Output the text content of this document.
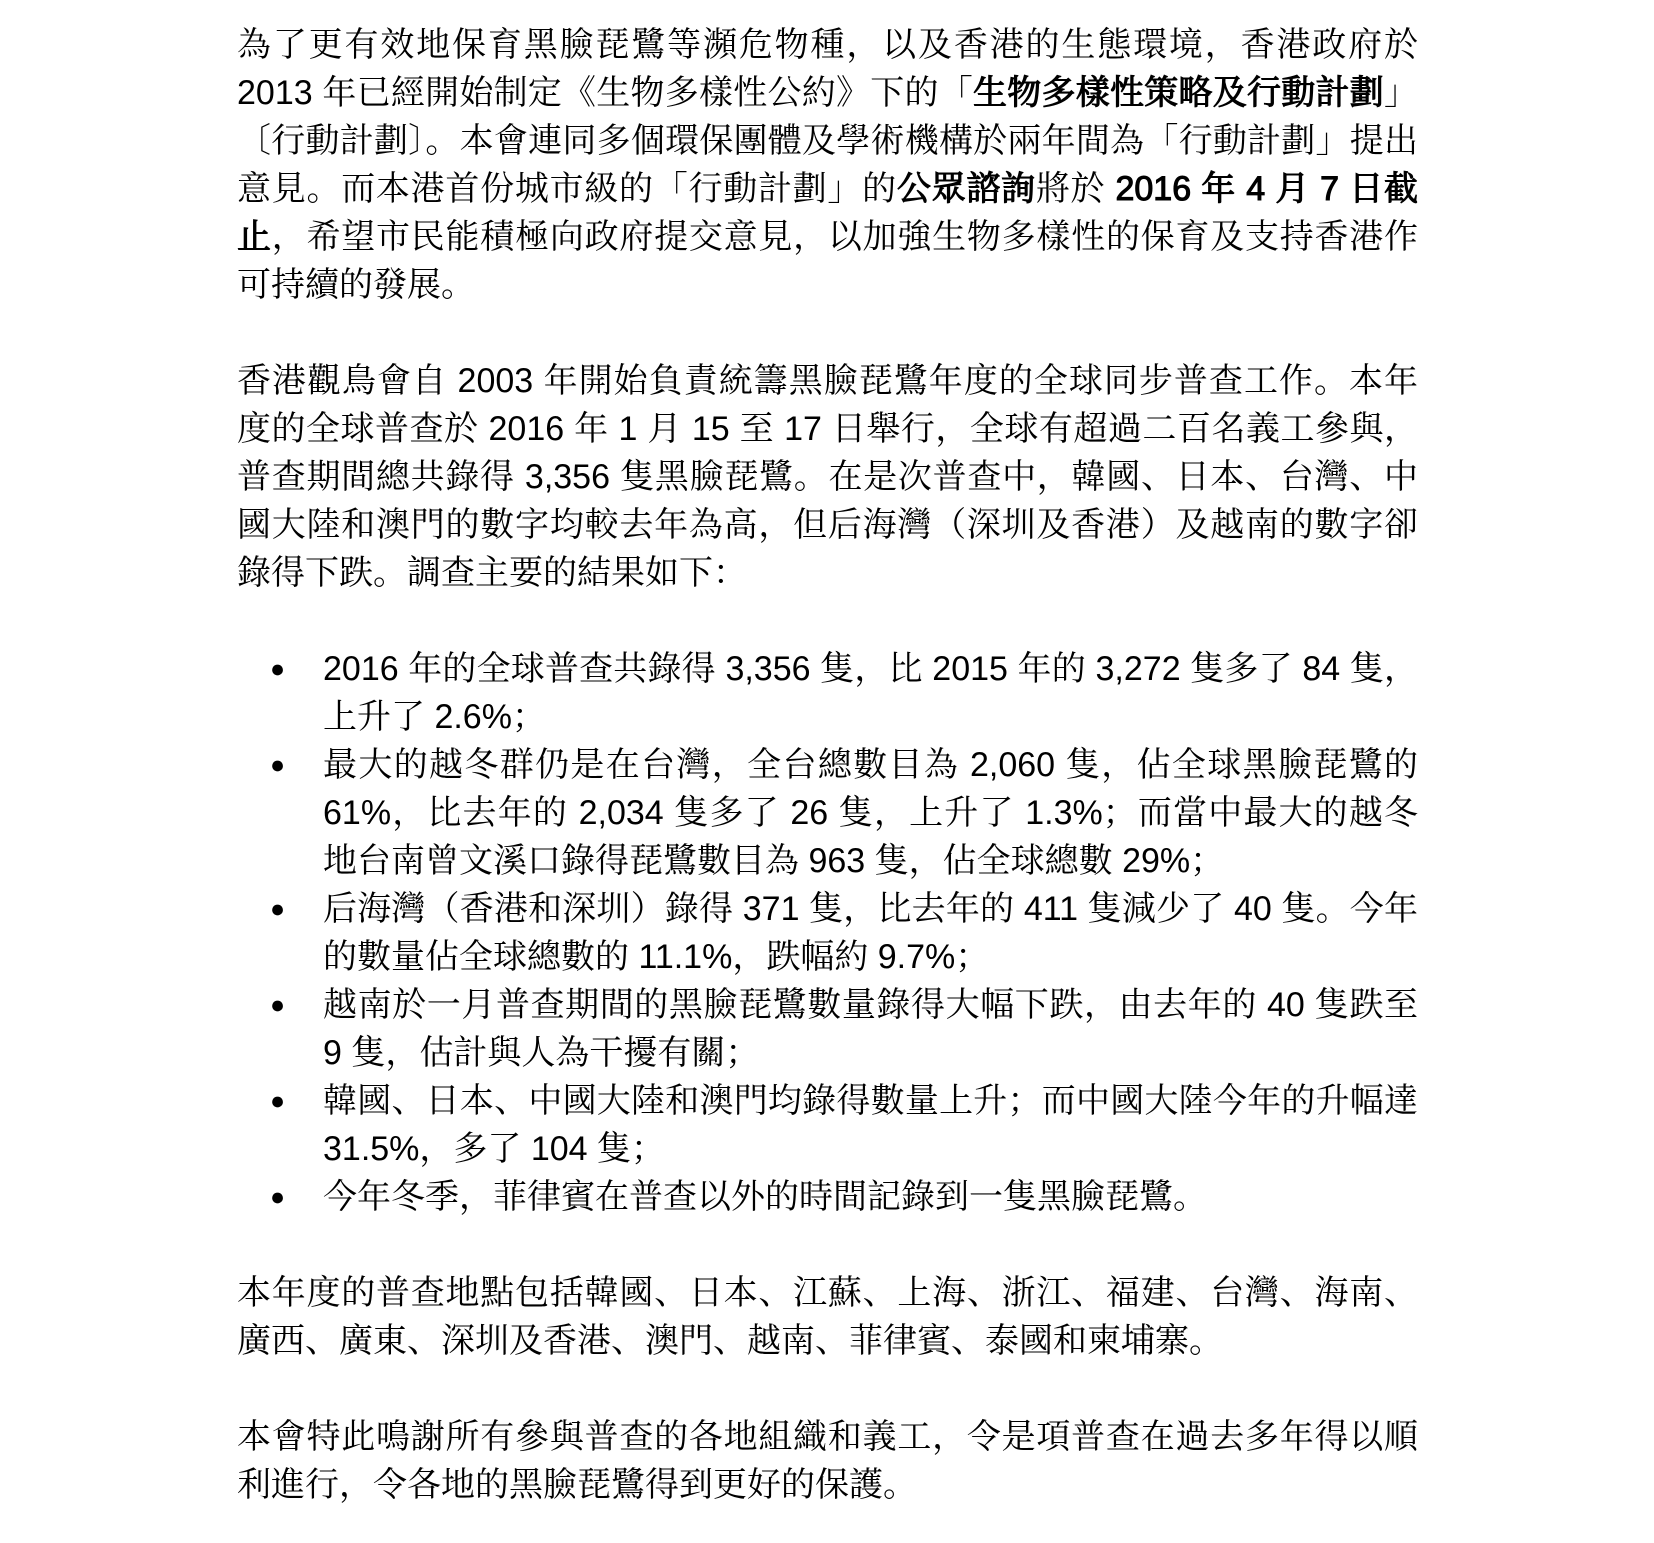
為了更有效地保育黑臉琵鷺等瀕危物種，以及香港的生態環境，香港政府於 2013 年已經開始制定《生物多樣性公約》下的「生物多樣性策略及行動計劃」〔行動計劃〕。本會連同多個環保團體及學術機構於兩年間為「行動計劃」提出意見。而本港首份城市級的「行動計劃」的公眾諮詢將於 2016 年 4 月 7 日截止，希望市民能積極向政府提交意見，以加強生物多樣性的保育及支持香港作可持續的發展。

香港觀鳥會自 2003 年開始負責統籌黑臉琵鷺年度的全球同步普查工作。本年度的全球普查於 2016 年 1 月 15 至 17 日舉行，全球有超過二百名義工參與，普查期間總共錄得 3,356 隻黑臉琵鷺。在是次普查中，韓國、日本、台灣、中國大陸和澳門的數字均較去年為高，但后海灣（深圳及香港）及越南的數字卻錄得下跌。調查主要的結果如下：

● 2016 年的全球普查共錄得 3,356 隻，比 2015 年的 3,272 隻多了 84 隻，上升了 2.6%；
● 最大的越冬群仍是在台灣，全台總數目為 2,060 隻，佔全球黑臉琵鷺的 61%，比去年的 2,034 隻多了 26 隻，上升了 1.3%；而當中最大的越冬地台南曾文溪口錄得琵鷺數目為 963 隻，佔全球總數 29%；
● 后海灣（香港和深圳）錄得 371 隻，比去年的 411 隻減少了 40 隻。今年的數量佔全球總數的 11.1%，跌幅約 9.7%；
● 越南於一月普查期間的黑臉琵鷺數量錄得大幅下跌，由去年的 40 隻跌至 9 隻，估計與人為干擾有關；
● 韓國、日本、中國大陸和澳門均錄得數量上升；而中國大陸今年的升幅達 31.5%，多了 104 隻；
● 今年冬季，菲律賓在普查以外的時間記錄到一隻黑臉琵鷺。

本年度的普查地點包括韓國、日本、江蘇、上海、浙江、福建、台灣、海南、廣西、廣東、深圳及香港、澳門、越南、菲律賓、泰國和柬埔寨。

本會特此鳴謝所有參與普查的各地組織和義工，令是項普查在過去多年得以順利進行，令各地的黑臉琵鷺得到更好的保護。
